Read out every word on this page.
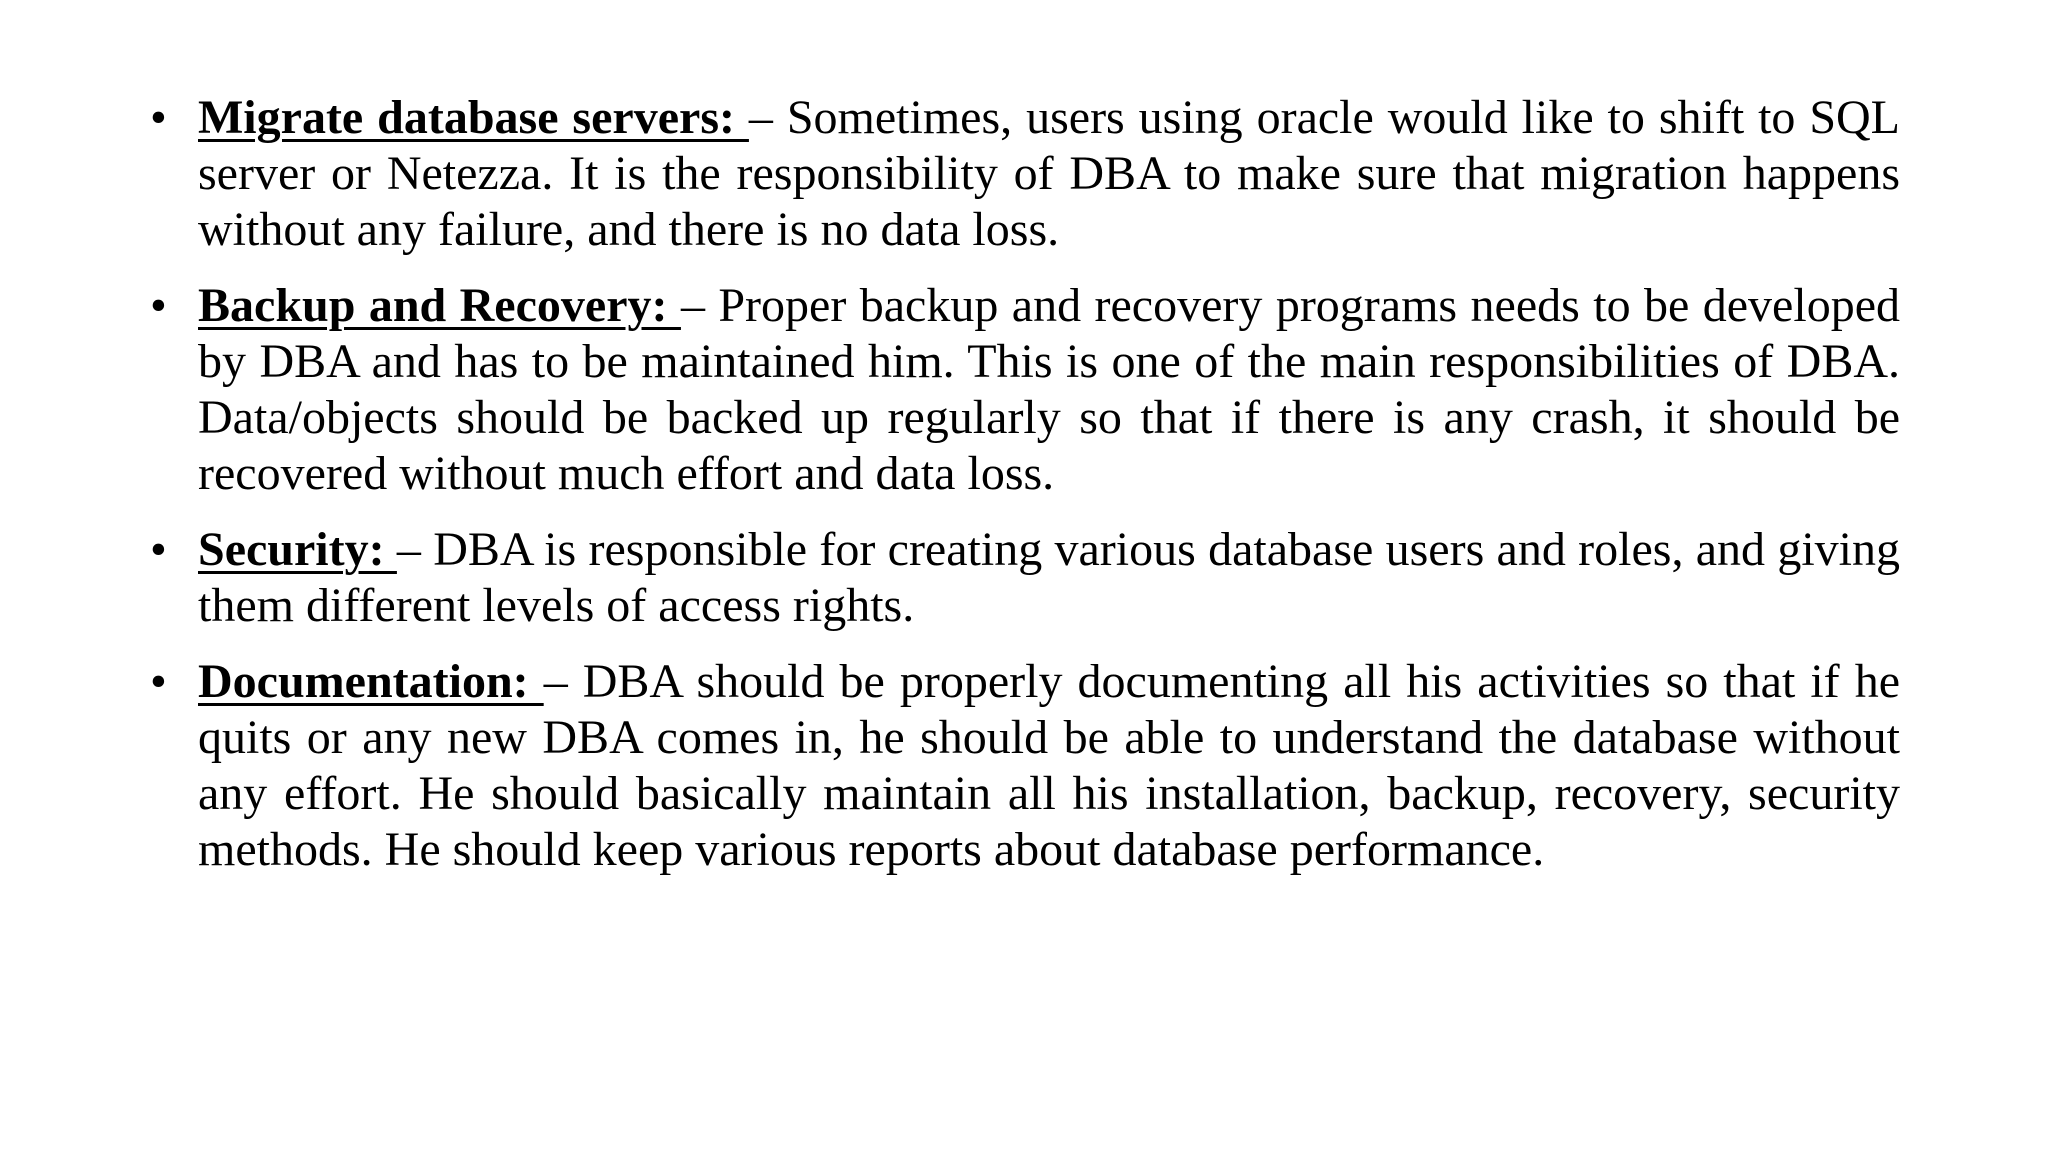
• Migrate database servers: – Sometimes, users using oracle would like to shift to SQL server or Netezza. It is the responsibility of DBA to make sure that migration happens without any failure, and there is no data loss.
• Backup and Recovery: – Proper backup and recovery programs needs to be developed by DBA and has to be maintained him. This is one of the main responsibilities of DBA. Data/objects should be backed up regularly so that if there is any crash, it should be recovered without much effort and data loss.
• Security: – DBA is responsible for creating various database users and roles, and giving them different levels of access rights.
• Documentation: – DBA should be properly documenting all his activities so that if he quits or any new DBA comes in, he should be able to understand the database without any effort. He should basically maintain all his installation, backup, recovery, security methods. He should keep various reports about database performance.
